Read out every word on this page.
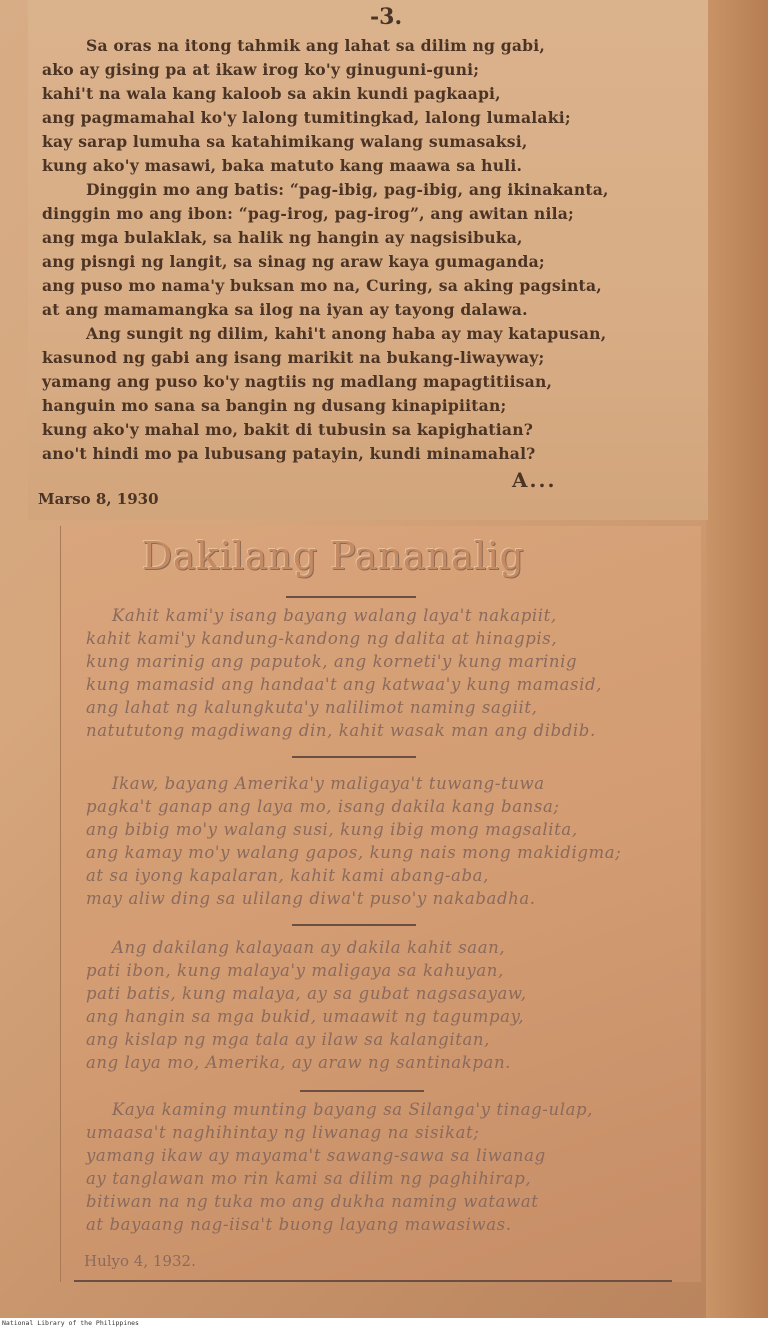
-3.
Sa oras na itong tahmik ang lahat sa dilim ng gabi,
ako ay gising pa at ikaw irog ko'y ginuguni-guni;
kahi't na wala kang kaloob sa akin kundi pagkaapi,
ang pagmamahal ko'y lalong tumitingkad, lalong lumalaki;
kay sarap lumuha sa katahimikang walang sumasaksi,
kung ako'y masawi, baka matuto kang maawa sa huli.
Dinggin mo ang batis: “pag-ibig, pag-ibig, ang ikinakanta,
dinggin mo ang ibon: “pag-irog, pag-irog”, ang awitan nila;
ang mga bulaklak, sa halik ng hangin ay nagsisibuka,
ang pisngi ng langit, sa sinag ng araw kaya gumaganda;
ang puso mo nama'y buksan mo na, Curing, sa aking pagsinta,
at ang mamamangka sa ilog na iyan ay tayong dalawa.
Ang sungit ng dilim, kahi't anong haba ay may katapusan,
kasunod ng gabi ang isang marikit na bukang-liwayway;
yamang ang puso ko'y nagtiis ng madlang mapagtitiisan,
hanguin mo sana sa bangin ng dusang kinapipiitan;
kung ako'y mahal mo, bakit di tubusin sa kapighatian?
ano't hindi mo pa lubusang patayin, kundi minamahal?
A...
Marso 8, 1930
Dakilang Pananalig
Kahit kami'y isang bayang walang laya't nakapiit,
kahit kami'y kandung-kandong ng dalita at hinagpis,
kung marinig ang paputok, ang korneti'y kung marinig
kung mamasid ang handaa't ang katwaa'y kung mamasid,
ang lahat ng kalungkuta'y nalilimot naming sagiit,
natututong magdiwang din, kahit wasak man ang dibdib.
Ikaw, bayang Amerika'y maligaya't tuwang-tuwa
pagka't ganap ang laya mo, isang dakila kang bansa;
ang bibig mo'y walang susi, kung ibig mong magsalita,
ang kamay mo'y walang gapos, kung nais mong makidigma;
at sa iyong kapalaran, kahit kami abang-aba,
may aliw ding sa ulilang diwa't puso'y nakabadha.
Ang dakilang kalayaan ay dakila kahit saan,
pati ibon, kung malaya'y maligaya sa kahuyan,
pati batis, kung malaya, ay sa gubat nagsasayaw,
ang hangin sa mga bukid, umaawit ng tagumpay,
ang kislap ng mga tala ay ilaw sa kalangitan,
ang laya mo, Amerika, ay araw ng santinakpan.
Kaya kaming munting bayang sa Silanga'y tinag-ulap,
umaasa't naghihintay ng liwanag na sisikat;
yamang ikaw ay mayama't sawang-sawa sa liwanag
ay tanglawan mo rin kami sa dilim ng paghihirap,
bitiwan na ng tuka mo ang dukha naming watawat
at bayaang nag-iisa't buong layang mawasiwas.
Hulyo 4, 1932.
National Library of the Philippines
